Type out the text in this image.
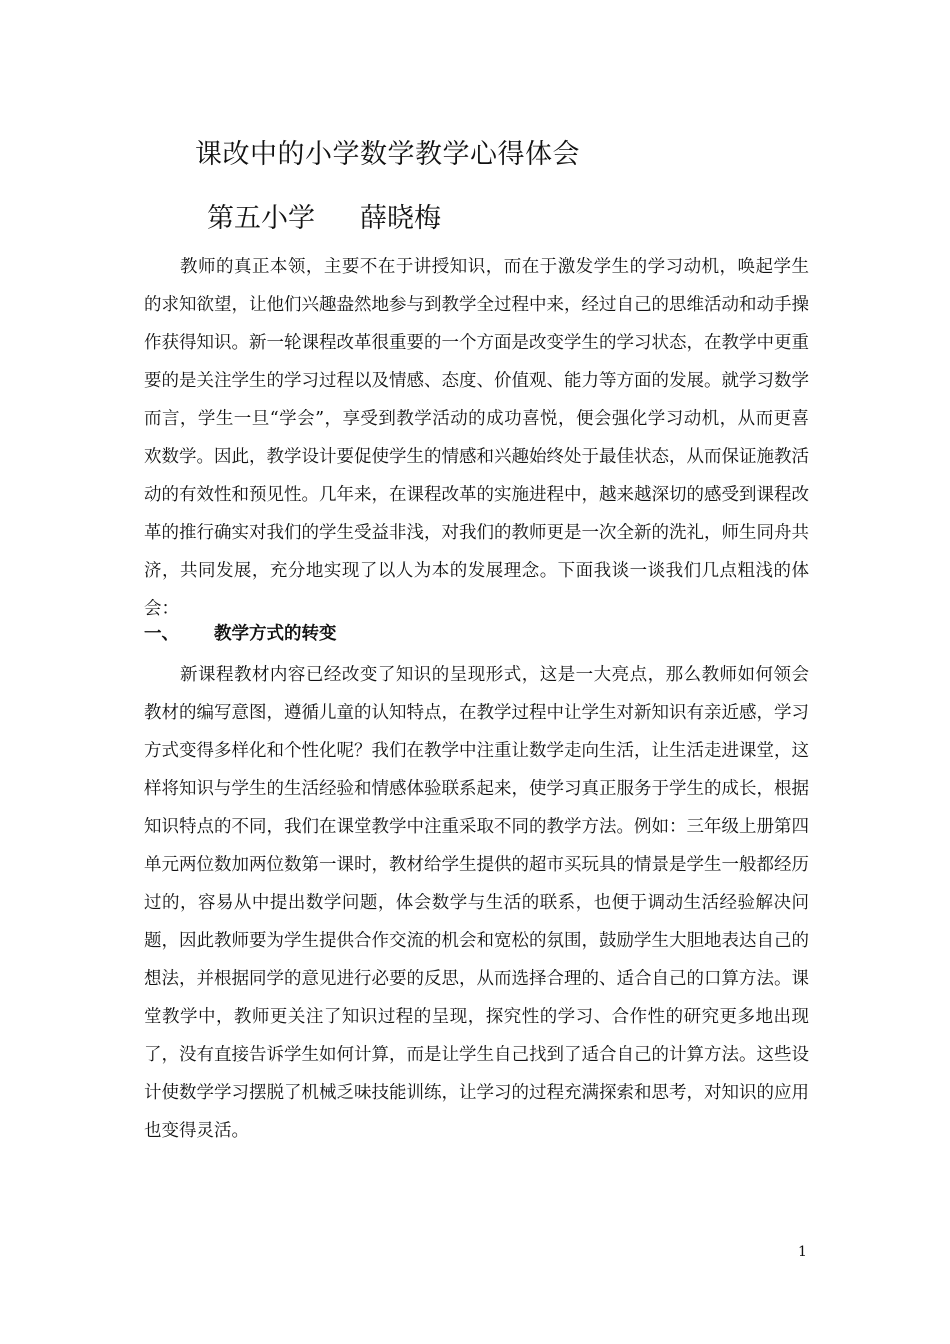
课改中的小学数学教学心得体会
第五小学 薛晓梅

教师的真正本领，主要不在于讲授知识，而在于激发学生的学习动机，唤起学生的求知欲望，让他们兴趣盎然地参与到教学全过程中来，经过自己的思维活动和动手操作获得知识。新一轮课程改革很重要的一个方面是改变学生的学习状态，在教学中更重要的是关注学生的学习过程以及情感、态度、价值观、能力等方面的发展。就学习数学而言，学生一旦“学会”，享受到教学活动的成功喜悦，便会强化学习动机，从而更喜欢数学。因此，教学设计要促使学生的情感和兴趣始终处于最佳状态，从而保证施教活动的有效性和预见性。几年来，在课程改革的实施进程中，越来越深切的感受到课程改革的推行确实对我们的学生受益非浅，对我们的教师更是一次全新的洗礼，师生同舟共济，共同发展，充分地实现了以人为本的发展理念。下面我谈一谈我们几点粗浅的体会：

一、 教学方式的转变

新课程教材内容已经改变了知识的呈现形式，这是一大亮点，那么教师如何领会教材的编写意图，遵循儿童的认知特点，在教学过程中让学生对新知识有亲近感，学习方式变得多样化和个性化呢？我们在教学中注重让数学走向生活，让生活走进课堂，这样将知识与学生的生活经验和情感体验联系起来，使学习真正服务于学生的成长，根据知识特点的不同，我们在课堂教学中注重采取不同的教学方法。例如：三年级上册第四单元两位数加两位数第一课时，教材给学生提供的超市买玩具的情景是学生一般都经历过的，容易从中提出数学问题，体会数学与生活的联系，也便于调动生活经验解决问题，因此教师要为学生提供合作交流的机会和宽松的氛围，鼓励学生大胆地表达自己的想法，并根据同学的意见进行必要的反思，从而选择合理的、适合自己的口算方法。课堂教学中，教师更关注了知识过程的呈现，探究性的学习、合作性的研究更多地出现了，没有直接告诉学生如何计算，而是让学生自己找到了适合自己的计算方法。这些设计使数学学习摆脱了机械乏味技能训练，让学习的过程充满探索和思考，对知识的应用也变得灵活。

1
